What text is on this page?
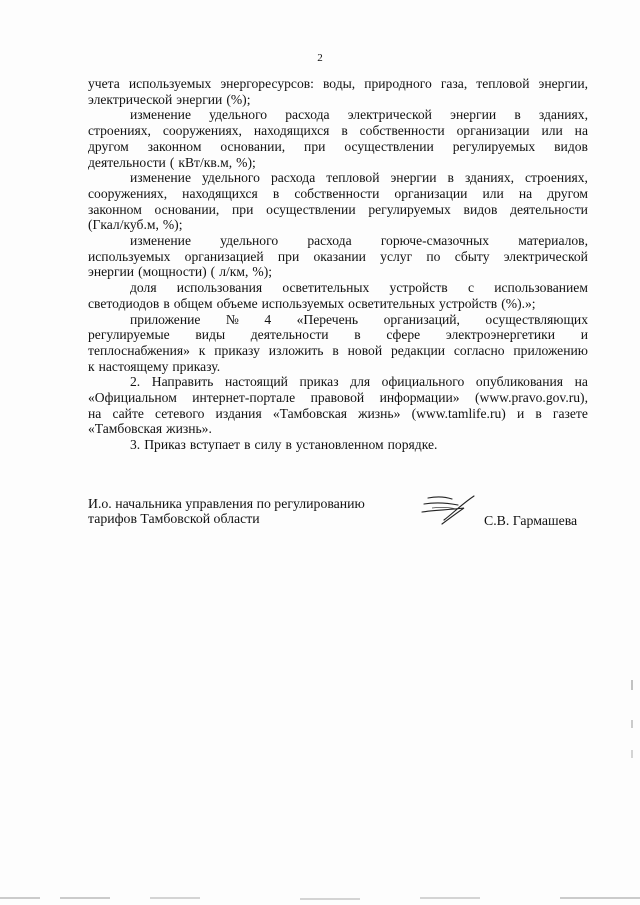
2
учета используемых энергоресурсов: воды, природного газа, тепловой энергии,
электрической энергии (%);
изменение удельного расхода электрической энергии в зданиях,
строениях, сооружениях, находящихся в собственности организации или на
другом законном основании, при осуществлении регулируемых видов
деятельности ( кВт/кв.м, %);
изменение удельного расхода тепловой энергии в зданиях, строениях,
сооружениях, находящихся в собственности организации или на другом
законном основании, при осуществлении регулируемых видов деятельности
(Гкал/куб.м, %);
изменение удельного расхода горюче-смазочных материалов,
используемых организацией при оказании услуг по сбыту электрической
энергии (мощности) ( л/км, %);
доля использования осветительных устройств с использованием
светодиодов в общем объеме используемых осветительных устройств (%).»;
приложение № 4 «Перечень организаций, осуществляющих
регулируемые виды деятельности в сфере электроэнергетики и
теплоснабжения» к приказу изложить в новой редакции согласно приложению
к настоящему приказу.
2. Направить настоящий приказ для официального опубликования на
«Официальном интернет-портале правовой информации» (www.pravo.gov.ru),
на сайте сетевого издания «Тамбовская жизнь» (www.tamlife.ru) и в газете
«Тамбовская жизнь».
3. Приказ вступает в силу в установленном порядке.
И.о. начальника управления по регулированию
тарифов Тамбовской области	С.В. Гармашева
